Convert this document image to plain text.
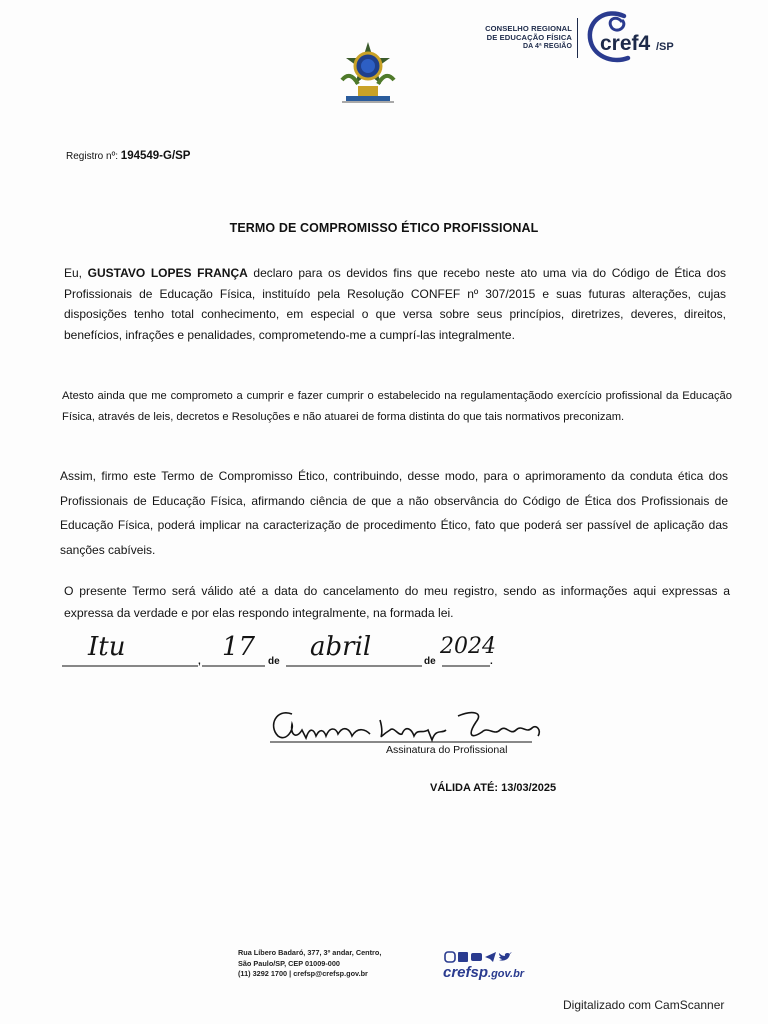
CONSELHO REGIONAL
DE EDUCAÇÃO FÍSICA
DA 4ª REGIÃO cref4 /SP
Registro nº: 194549-G/SP
TERMO DE COMPROMISSO ÉTICO PROFISSIONAL
Eu, GUSTAVO LOPES FRANÇA declaro para os devidos fins que recebo neste ato uma via do Código de Ética dos Profissionais de Educação Física, instituído pela Resolução CONFEF nº 307/2015 e suas futuras alterações, cujas disposições tenho total conhecimento, em especial o que versa sobre seus princípios, diretrizes, deveres, direitos, benefícios, infrações e penalidades, comprometendo-me a cumprí-las integralmente.
Atesto ainda que me comprometo a cumprir e fazer cumprir o estabelecido na regulamentaçãodo exercício profissional da Educação Física, através de leis, decretos e Resoluções e não atuarei de forma distinta do que tais normativos preconizam.
Assim, firmo este Termo de Compromisso Ético, contribuindo, desse modo, para o aprimoramento da conduta ética dos Profissionais de Educação Física, afirmando ciência de que a não observância do Código de Ética dos Profissionais de Educação Física, poderá implicar na caracterização de procedimento Ético, fato que poderá ser passível de aplicação das sanções cabíveis.
O presente Termo será válido até a data do cancelamento do meu registro, sendo as informações aqui expressas a expressa da verdade e por elas respondo integralmente, na formada lei.
Itu	, 17 de abril	de
2024
.
Assinatura do Profissional
VÁLIDA ATÉ: 13/03/2025
Rua Líbero Badaró, 377, 3º andar, Centro,
São Paulo/SP, CEP 01009-000
(11) 3292 1700 | crefsp@crefsp.gov.br	crefsp.gov.br
Digitalizado com CamScanner
